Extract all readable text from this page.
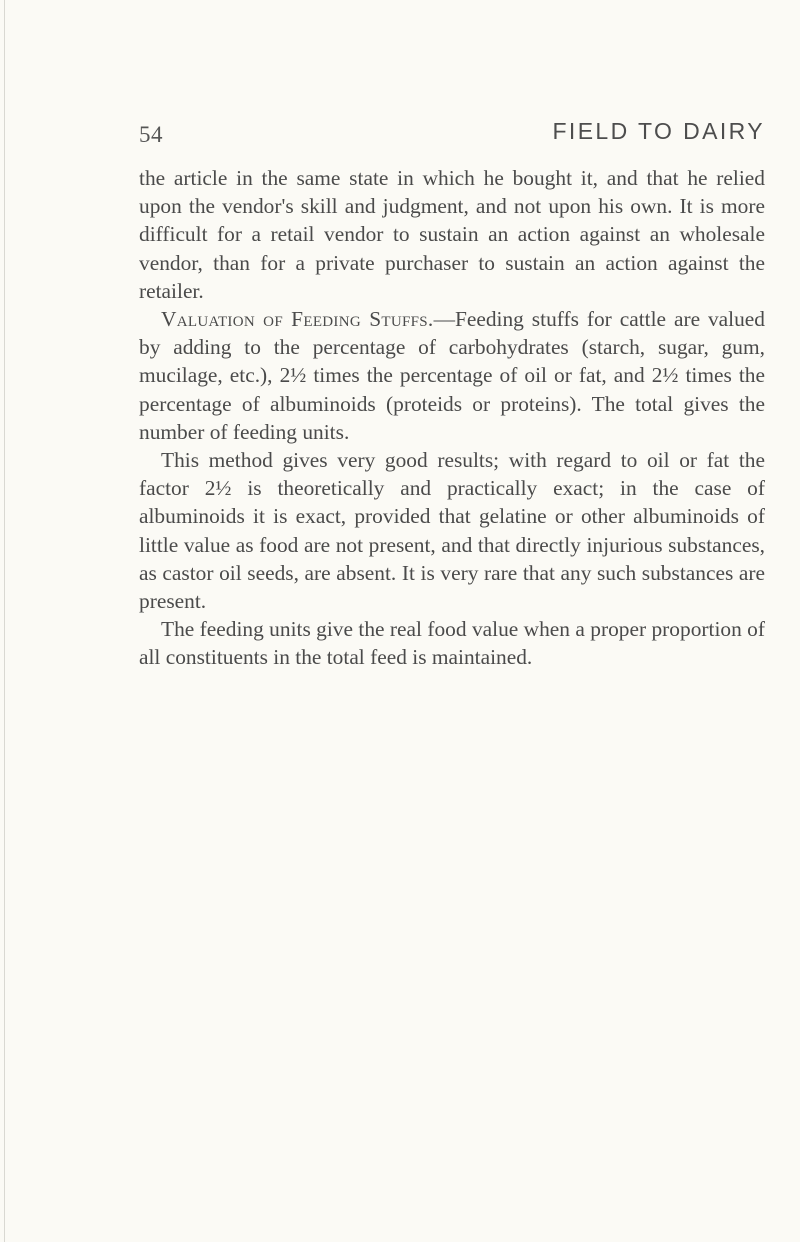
54	FIELD TO DAIRY

the article in the same state in which he bought it, and that he relied upon the vendor's skill and judgment, and not upon his own. It is more difficult for a retail vendor to sustain an action against an wholesale vendor, than for a private purchaser to sustain an action against the retailer.

Valuation of Feeding Stuffs.—Feeding stuffs for cattle are valued by adding to the percentage of carbohydrates (starch, sugar, gum, mucilage, etc.), 2½ times the percentage of oil or fat, and 2½ times the percentage of albuminoids (proteids or proteins). The total gives the number of feeding units.

This method gives very good results; with regard to oil or fat the factor 2½ is theoretically and practically exact; in the case of albuminoids it is exact, provided that gelatine or other albuminoids of little value as food are not present, and that directly injurious substances, as castor oil seeds, are absent. It is very rare that any such substances are present.

The feeding units give the real food value when a proper proportion of all constituents in the total feed is maintained.
